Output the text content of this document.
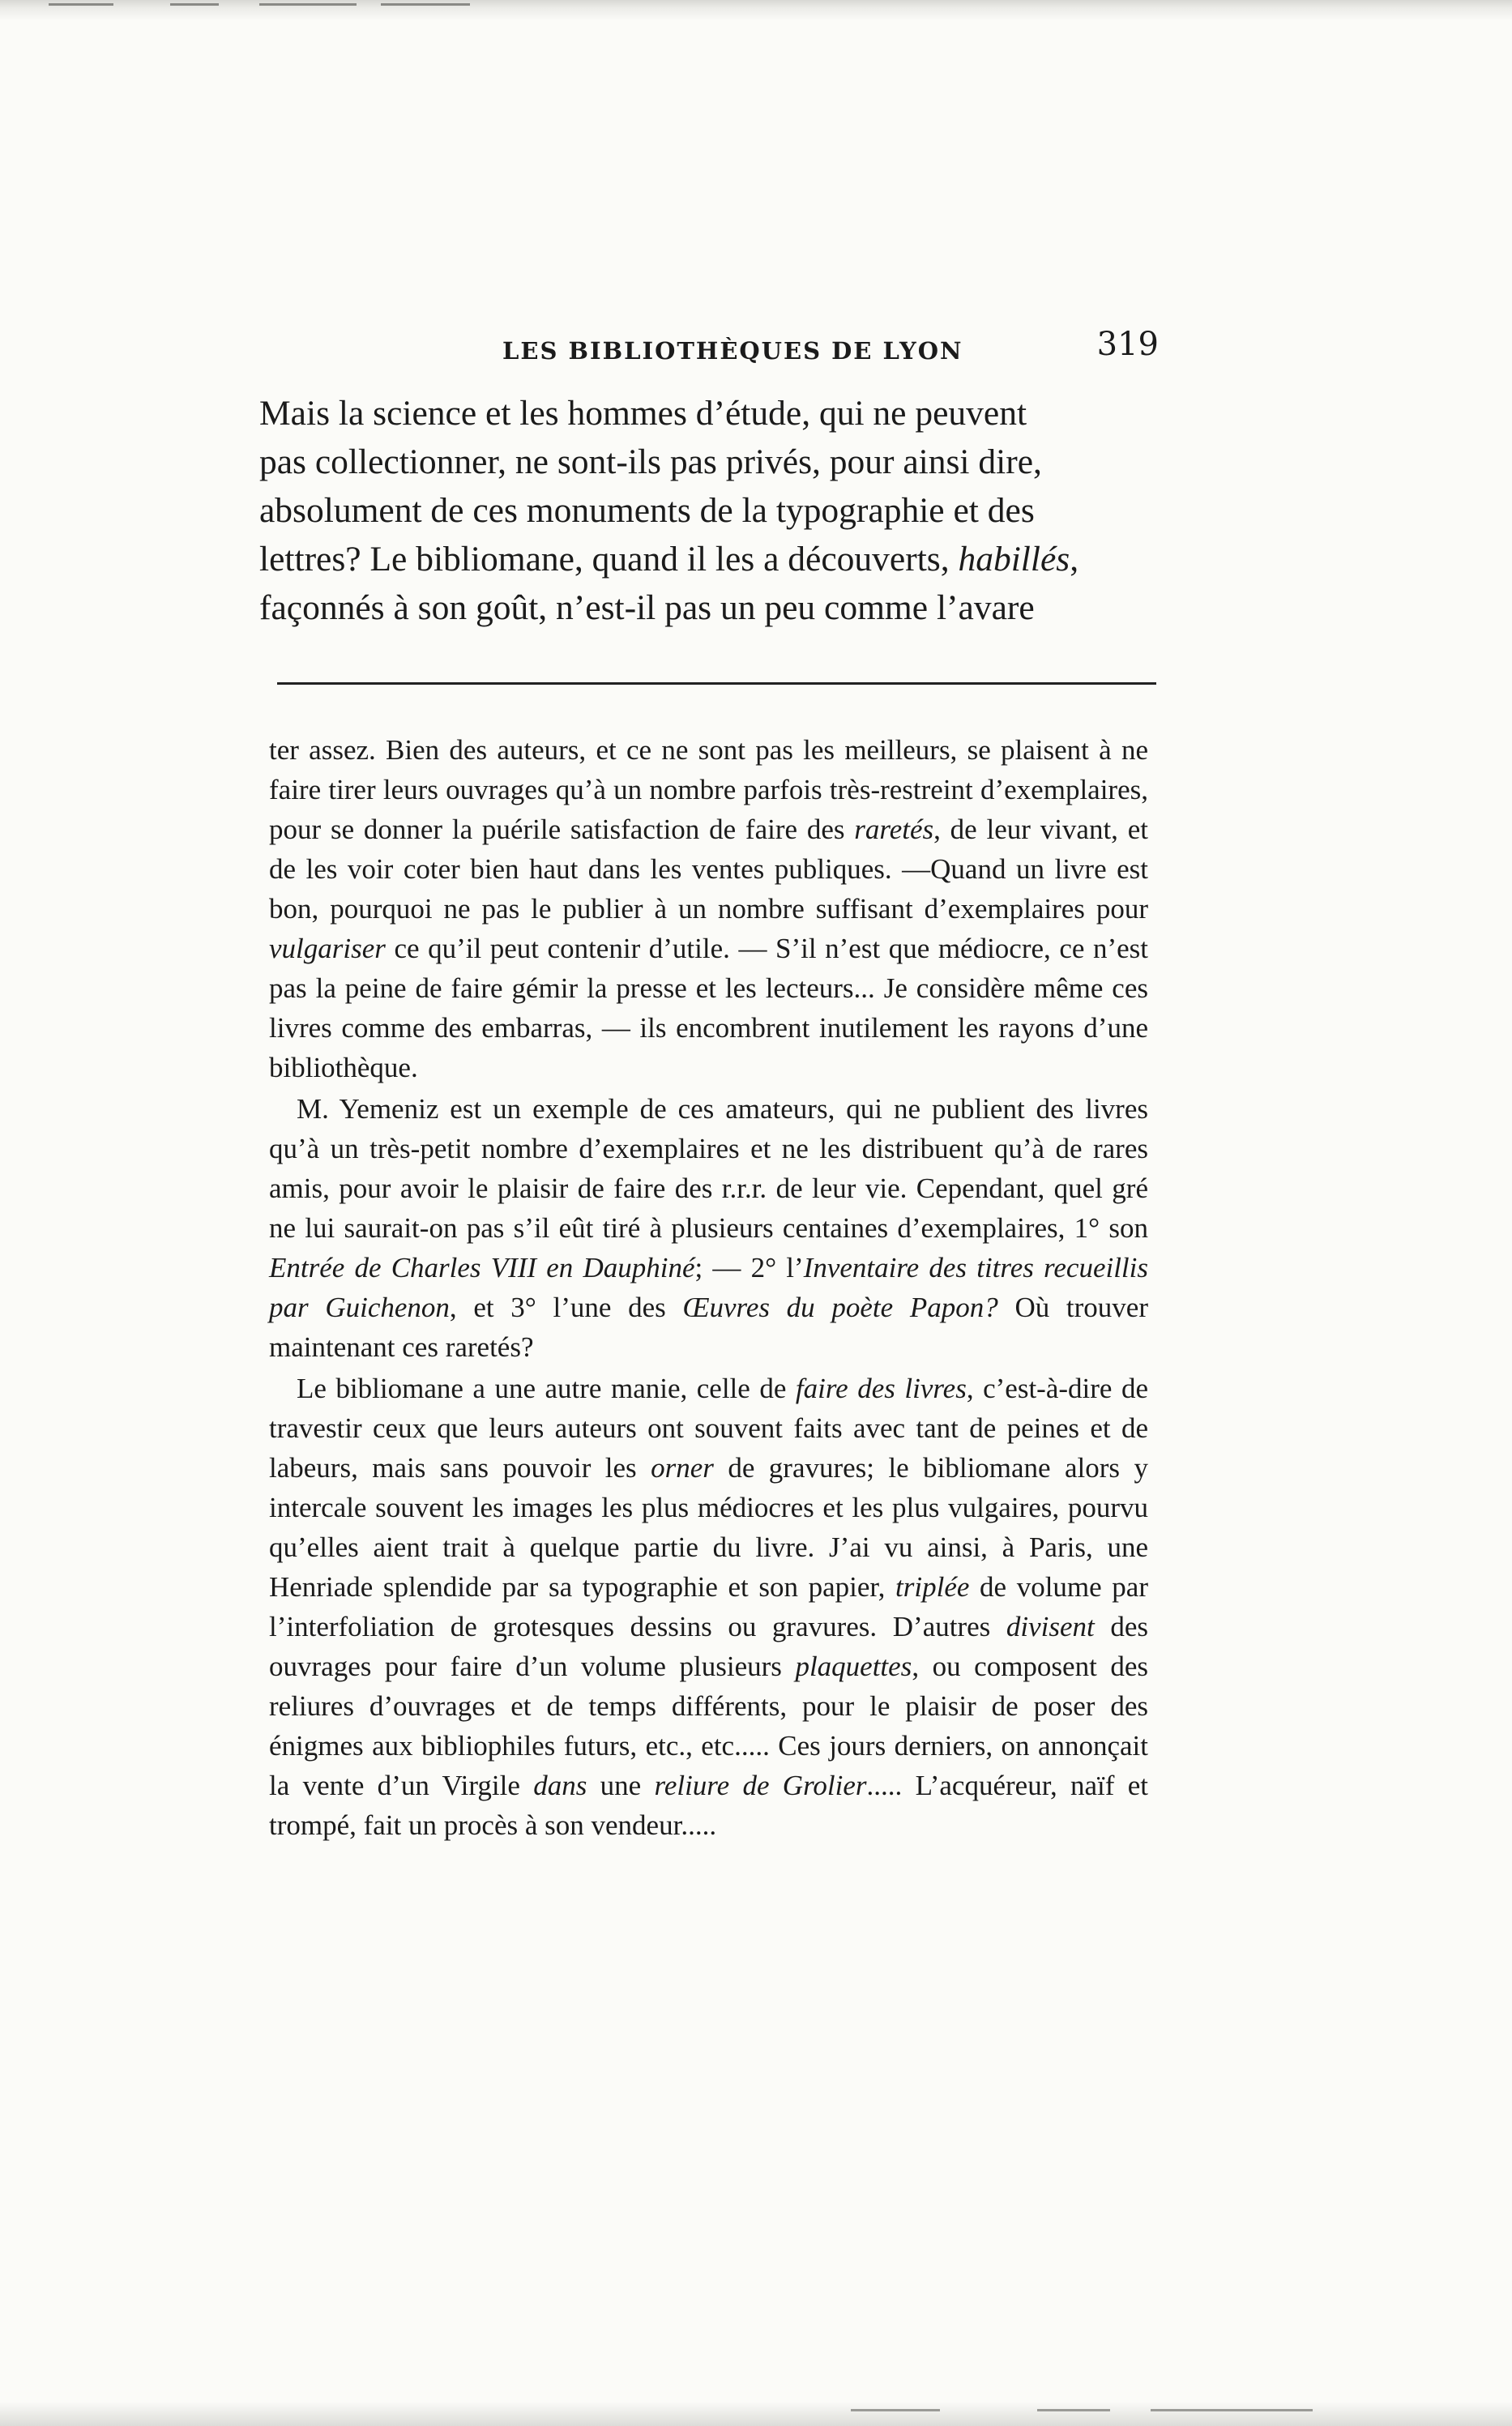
LES BIBLIOTHÈQUES DE LYON	319
Mais la science et les hommes d’étude, qui ne peuvent
pas collectionner, ne sont-ils pas privés, pour ainsi dire,
absolument de ces monuments de la typographie et des
lettres? Le bibliomane, quand il les a découverts, habillés,
façonnés à son goût, n’est-il pas un peu comme l’avare

ter assez. Bien des auteurs, et ce ne sont pas les meilleurs, se plaisent à ne faire tirer leurs ouvrages qu’à un nombre parfois très-restreint d’exemplaires, pour se donner la puérile satisfaction de faire des raretés, de leur vivant, et de les voir coter bien haut dans les ventes publiques. —Quand un livre est bon, pourquoi ne pas le publier à un nombre suffisant d’exemplaires pour vulgariser ce qu’il peut contenir d’utile. — S’il n’est que médiocre, ce n’est pas la peine de faire gémir la presse et les lecteurs... Je considère même ces livres comme des embarras, — ils encombrent inutilement les rayons d’une bibliothèque.

M. Yemeniz est un exemple de ces amateurs, qui ne publient des livres qu’à un très-petit nombre d’exemplaires et ne les distribuent qu’à de rares amis, pour avoir le plaisir de faire des r.r.r. de leur vie. Cependant, quel gré ne lui saurait-on pas s’il eût tiré à plusieurs centaines d’exemplaires, 1° son Entrée de Charles VIII en Dauphiné; — 2° l’Inventaire des titres recueillis par Guichenon, et 3° l’une des Œuvres du poète Papon? Où trouver maintenant ces raretés?

Le bibliomane a une autre manie, celle de faire des livres, c’est-à-dire de travestir ceux que leurs auteurs ont souvent faits avec tant de peines et de labeurs, mais sans pouvoir les orner de gravures; le bibliomane alors y intercale souvent les images les plus médiocres et les plus vulgaires, pourvu qu’elles aient trait à quelque partie du livre. J’ai vu ainsi, à Paris, une Henriade splendide par sa typographie et son papier, triplée de volume par l’interfoliation de grotesques dessins ou gravures. D’autres divisent des ouvrages pour faire d’un volume plusieurs plaquettes, ou composent des reliures d’ouvrages et de temps différents, pour le plaisir de poser des énigmes aux bibliophiles futurs, etc., etc..... Ces jours derniers, on annonçait la vente d’un Virgile dans une reliure de Grolier..... L’acquéreur, naïf et trompé, fait un procès à son vendeur.....
